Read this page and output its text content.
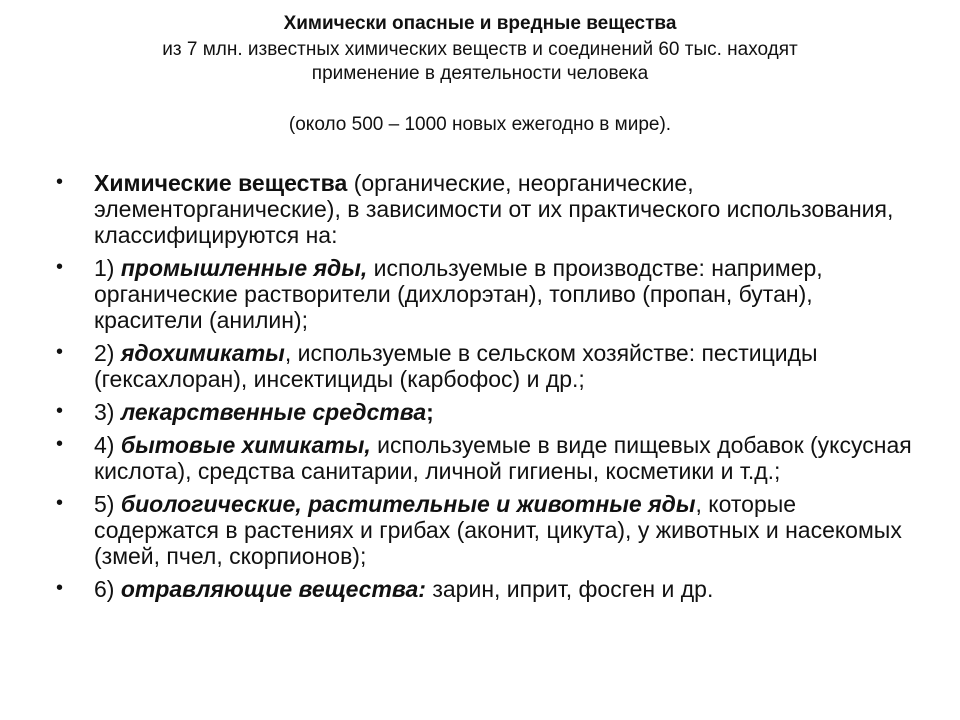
Химически опасные и вредные вещества
из 7 млн. известных химических веществ и соединений 60 тыс. находят
применение в деятельности человека
(около 500 – 1000 новых ежегодно в мире).
• Химические вещества (органические, неорганические, элементорганические), в зависимости от их практического использования, классифицируются на:
• 1) промышленные яды, используемые в производстве: например, органические растворители (дихлорэтан), топливо (пропан, бутан), красители (анилин);
• 2) ядохимикаты, используемые в сельском хозяйстве: пестициды (гексахлоран), инсектициды (карбофос) и др.;
• 3) лекарственные средства;
• 4) бытовые химикаты, используемые в виде пищевых добавок (уксусная кислота), средства санитарии, личной гигиены, косметики и т.д.;
• 5) биологические, растительные и животные яды, которые содержатся в растениях и грибах (аконит, цикута), у животных и насекомых (змей, пчел, скорпионов);
• 6) отравляющие вещества: зарин, иприт, фосген и др.
